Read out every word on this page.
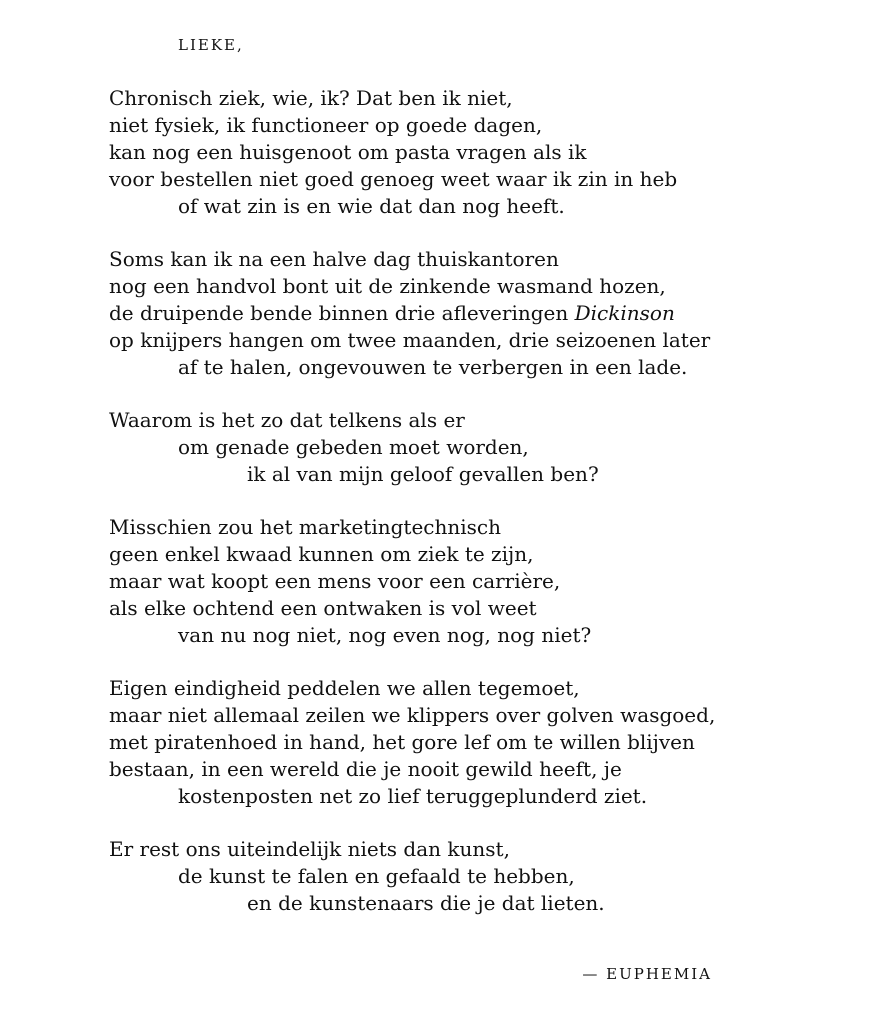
LIEKE,

Chronisch ziek, wie, ik? Dat ben ik niet,
niet fysiek, ik functioneer op goede dagen,
kan nog een huisgenoot om pasta vragen als ik
voor bestellen niet goed genoeg weet waar ik zin in heb
of wat zin is en wie dat dan nog heeft.
Soms kan ik na een halve dag thuiskantoren
nog een handvol bont uit de zinkende wasmand hozen,
de druipende bende binnen drie afleveringen Dickinson
op knijpers hangen om twee maanden, drie seizoenen later
af te halen, ongevouwen te verbergen in een lade.
Waarom is het zo dat telkens als er
om genade gebeden moet worden,
ik al van mijn geloof gevallen ben?
Misschien zou het marketingtechnisch
geen enkel kwaad kunnen om ziek te zijn,
maar wat koopt een mens voor een carrière,
als elke ochtend een ontwaken is vol weet
van nu nog niet, nog even nog, nog niet?
Eigen eindigheid peddelen we allen tegemoet,
maar niet allemaal zeilen we klippers over golven wasgoed,
met piratenhoed in hand, het gore lef om te willen blijven
bestaan, in een wereld die je nooit gewild heeft, je
kostenposten net zo lief teruggeplunderd ziet.
Er rest ons uiteindelijk niets dan kunst,
de kunst te falen en gefaald te hebben,
en de kunstenaars die je dat lieten.

— EUPHEMIA
